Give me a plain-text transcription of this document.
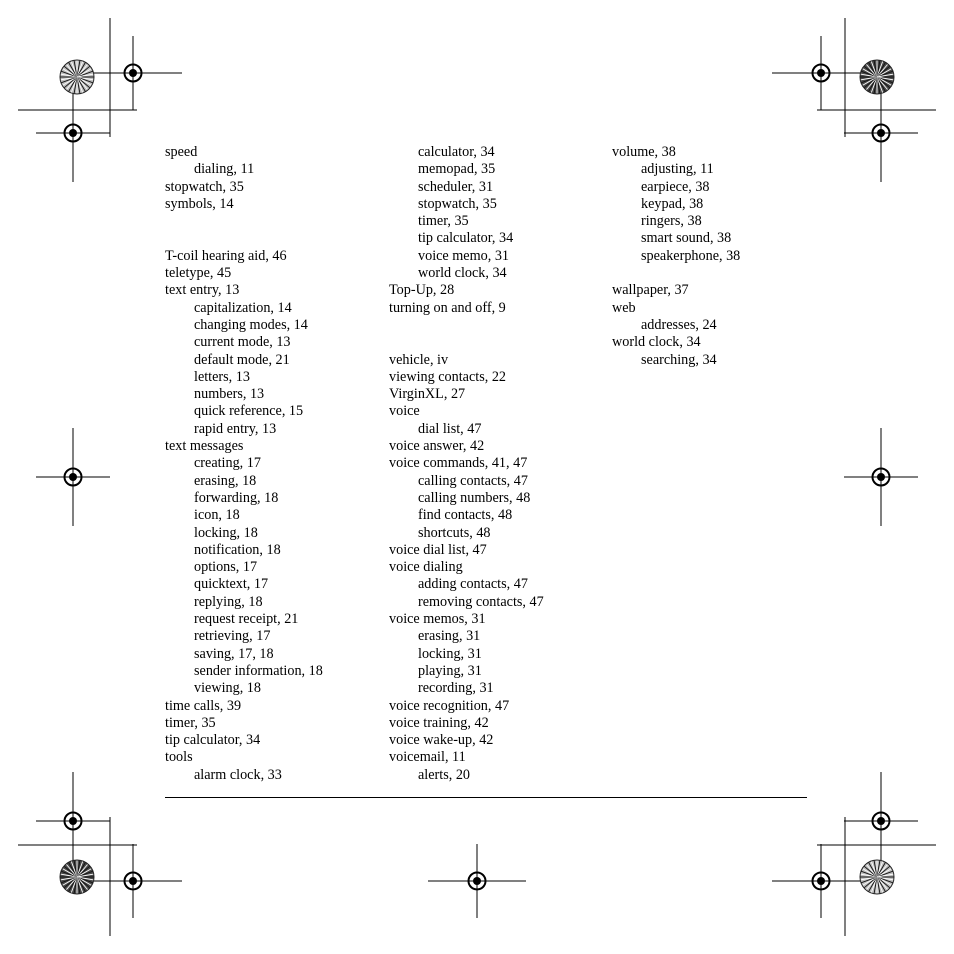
speed
dialing, 11
stopwatch, 35
symbols, 14
T-coil hearing aid, 46
teletype, 45
text entry, 13
capitalization, 14
changing modes, 14
current mode, 13
default mode, 21
letters, 13
numbers, 13
quick reference, 15
rapid entry, 13
text messages
creating, 17
erasing, 18
forwarding, 18
icon, 18
locking, 18
notification, 18
options, 17
quicktext, 17
replying, 18
request receipt, 21
retrieving, 17
saving, 17, 18
sender information, 18
viewing, 18
time calls, 39
timer, 35
tip calculator, 34
tools
alarm clock, 33
calculator, 34
memopad, 35
scheduler, 31
stopwatch, 35
timer, 35
tip calculator, 34
voice memo, 31
world clock, 34
Top-Up, 28
turning on and off, 9
vehicle, iv
viewing contacts, 22
VirginXL, 27
voice
dial list, 47
voice answer, 42
voice commands, 41, 47
calling contacts, 47
calling numbers, 48
find contacts, 48
shortcuts, 48
voice dial list, 47
voice dialing
adding contacts, 47
removing contacts, 47
voice memos, 31
erasing, 31
locking, 31
playing, 31
recording, 31
voice recognition, 47
voice training, 42
voice wake-up, 42
voicemail, 11
alerts, 20
volume, 38
adjusting, 11
earpiece, 38
keypad, 38
ringers, 38
smart sound, 38
speakerphone, 38
wallpaper, 37
web
addresses, 24
world clock, 34
searching, 34
